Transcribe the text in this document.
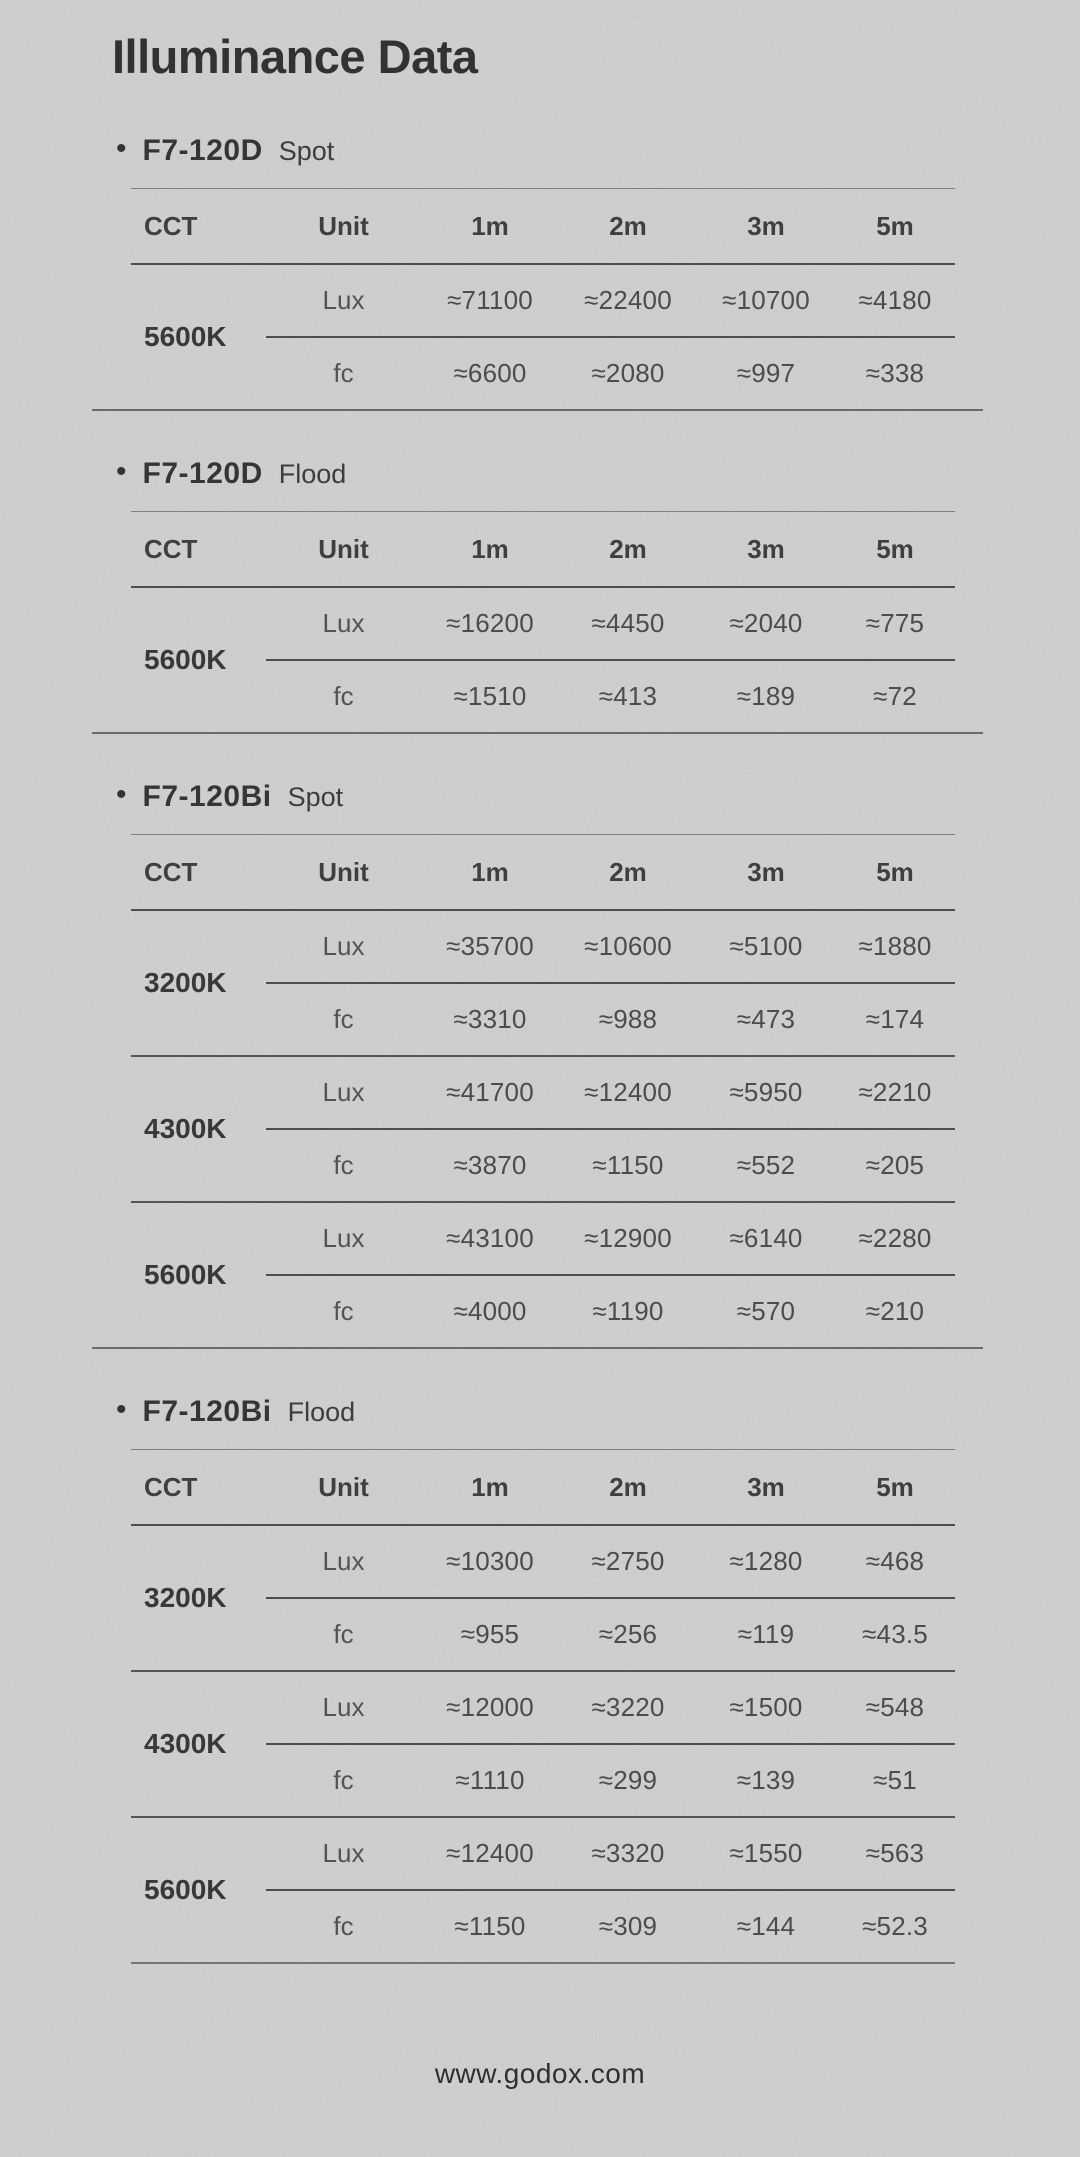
Illuminance Data
• F7-120D Spot
CCT	Unit	1m	2m	3m	5m
5600K
Lux	≈71100	≈22400	≈10700	≈4180
fc	≈6600	≈2080	≈997	≈338
• F7-120D Flood
CCT	Unit	1m	2m	3m	5m
5600K
Lux	≈16200	≈4450	≈2040	≈775
fc	≈1510	≈413	≈189	≈72
• F7-120Bi Spot
CCT	Unit	1m	2m	3m	5m
3200K
Lux	≈35700	≈10600	≈5100	≈1880
fc	≈3310	≈988	≈473	≈174
4300K
Lux	≈41700	≈12400	≈5950	≈2210
fc	≈3870	≈1150	≈552	≈205
5600K
Lux	≈43100	≈12900	≈6140	≈2280
fc	≈4000	≈1190	≈570	≈210
• F7-120Bi Flood
CCT	Unit	1m	2m	3m	5m
3200K
Lux	≈10300	≈2750	≈1280	≈468
fc	≈955	≈256	≈119	≈43.5
4300K
Lux	≈12000	≈3220	≈1500	≈548
fc	≈1110	≈299	≈139	≈51
5600K
Lux	≈12400	≈3320	≈1550	≈563
fc	≈1150	≈309	≈144	≈52.3
www.godox.com
